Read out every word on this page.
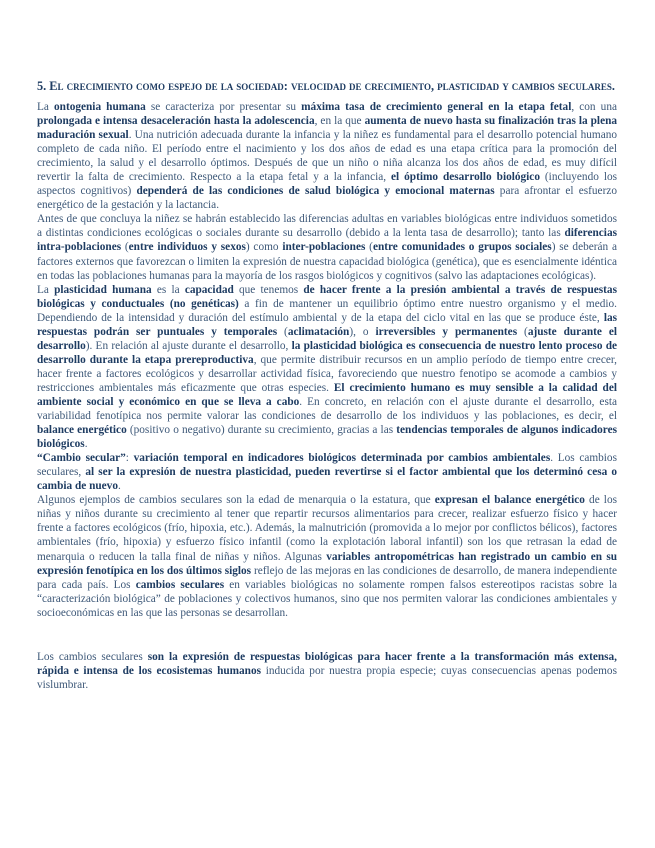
5. El crecimiento como espejo de la sociedad: velocidad de crecimiento, plasticidad y cambios seculares.

La ontogenia humana se caracteriza por presentar su máxima tasa de crecimiento general en la etapa fetal, con una prolongada e intensa desaceleración hasta la adolescencia, en la que aumenta de nuevo hasta su finalización tras la plena maduración sexual. Una nutrición adecuada durante la infancia y la niñez es fundamental para el desarrollo potencial humano completo de cada niño. El período entre el nacimiento y los dos años de edad es una etapa crítica para la promoción del crecimiento, la salud y el desarrollo óptimos. Después de que un niño o niña alcanza los dos años de edad, es muy difícil revertir la falta de crecimiento. Respecto a la etapa fetal y a la infancia, el óptimo desarrollo biológico (incluyendo los aspectos cognitivos) dependerá de las condiciones de salud biológica y emocional maternas para afrontar el esfuerzo energético de la gestación y la lactancia.

Antes de que concluya la niñez se habrán establecido las diferencias adultas en variables biológicas entre individuos sometidos a distintas condiciones ecológicas o sociales durante su desarrollo (debido a la lenta tasa de desarrollo); tanto las diferencias intra-poblaciones (entre individuos y sexos) como inter-poblaciones (entre comunidades o grupos sociales) se deberán a factores externos que favorezcan o limiten la expresión de nuestra capacidad biológica (genética), que es esencialmente idéntica en todas las poblaciones humanas para la mayoría de los rasgos biológicos y cognitivos (salvo las adaptaciones ecológicas).

La plasticidad humana es la capacidad que tenemos de hacer frente a la presión ambiental a través de respuestas biológicas y conductuales (no genéticas) a fin de mantener un equilibrio óptimo entre nuestro organismo y el medio. Dependiendo de la intensidad y duración del estímulo ambiental y de la etapa del ciclo vital en las que se produce éste, las respuestas podrán ser puntuales y temporales (aclimatación), o irreversibles y permanentes (ajuste durante el desarrollo). En relación al ajuste durante el desarrollo, la plasticidad biológica es consecuencia de nuestro lento proceso de desarrollo durante la etapa prereproductiva, que permite distribuir recursos en un amplio período de tiempo entre crecer, hacer frente a factores ecológicos y desarrollar actividad física, favoreciendo que nuestro fenotipo se acomode a cambios y restricciones ambientales más eficazmente que otras especies. El crecimiento humano es muy sensible a la calidad del ambiente social y económico en que se lleva a cabo. En concreto, en relación con el ajuste durante el desarrollo, esta variabilidad fenotípica nos permite valorar las condiciones de desarrollo de los individuos y las poblaciones, es decir, el balance energético (positivo o negativo) durante su crecimiento, gracias a las tendencias temporales de algunos indicadores biológicos.

“Cambio secular”: variación temporal en indicadores biológicos determinada por cambios ambientales. Los cambios seculares, al ser la expresión de nuestra plasticidad, pueden revertirse si el factor ambiental que los determinó cesa o cambia de nuevo.

Algunos ejemplos de cambios seculares son la edad de menarquia o la estatura, que expresan el balance energético de los niñas y niños durante su crecimiento al tener que repartir recursos alimentarios para crecer, realizar esfuerzo físico y hacer frente a factores ecológicos (frío, hipoxia, etc.). Además, la malnutrición (promovida a lo mejor por conflictos bélicos), factores ambientales (frío, hipoxia) y esfuerzo físico infantil (como la explotación laboral infantil) son los que retrasan la edad de menarquia o reducen la talla final de niñas y niños. Algunas variables antropométricas han registrado un cambio en su expresión fenotípica en los dos últimos siglos reflejo de las mejoras en las condiciones de desarrollo, de manera independiente para cada país. Los cambios seculares en variables biológicas no solamente rompen falsos estereotipos racistas sobre la “caracterización biológica” de poblaciones y colectivos humanos, sino que nos permiten valorar las condiciones ambientales y socioeconómicas en las que las personas se desarrollan.

Los cambios seculares son la expresión de respuestas biológicas para hacer frente a la transformación más extensa, rápida e intensa de los ecosistemas humanos inducida por nuestra propia especie; cuyas consecuencias apenas podemos vislumbrar.
